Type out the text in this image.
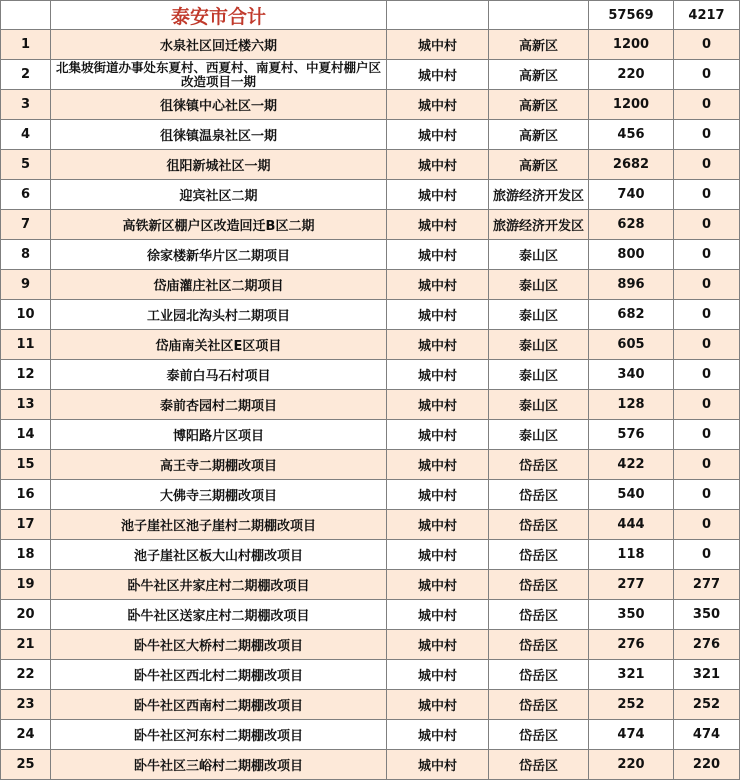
	泰安市合计			57569	4217
1	水泉社区回迁楼六期	城中村	高新区	1200	0
2	北集坡街道办事处东夏村、西夏村、南夏村、中夏村棚户区改造项目一期	城中村	高新区	220	0
3	徂徕镇中心社区一期	城中村	高新区	1200	0
4	徂徕镇温泉社区一期	城中村	高新区	456	0
5	徂阳新城社区一期	城中村	高新区	2682	0
6	迎宾社区二期	城中村	旅游经济开发区	740	0
7	高铁新区棚户区改造回迁B区二期	城中村	旅游经济开发区	628	0
8	徐家楼新华片区二期项目	城中村	泰山区	800	0
9	岱庙灌庄社区二期项目	城中村	泰山区	896	0
10	工业园北沟头村二期项目	城中村	泰山区	682	0
11	岱庙南关社区E区项目	城中村	泰山区	605	0
12	泰前白马石村项目	城中村	泰山区	340	0
13	泰前杏园村二期项目	城中村	泰山区	128	0
14	博阳路片区项目	城中村	泰山区	576	0
15	高王寺二期棚改项目	城中村	岱岳区	422	0
16	大佛寺三期棚改项目	城中村	岱岳区	540	0
17	池子崖社区池子崖村二期棚改项目	城中村	岱岳区	444	0
18	池子崖社区板大山村棚改项目	城中村	岱岳区	118	0
19	卧牛社区井家庄村二期棚改项目	城中村	岱岳区	277	277
20	卧牛社区送家庄村二期棚改项目	城中村	岱岳区	350	350
21	卧牛社区大桥村二期棚改项目	城中村	岱岳区	276	276
22	卧牛社区西北村二期棚改项目	城中村	岱岳区	321	321
23	卧牛社区西南村二期棚改项目	城中村	岱岳区	252	252
24	卧牛社区河东村二期棚改项目	城中村	岱岳区	474	474
25	卧牛社区三峪村二期棚改项目	城中村	岱岳区	220	220
